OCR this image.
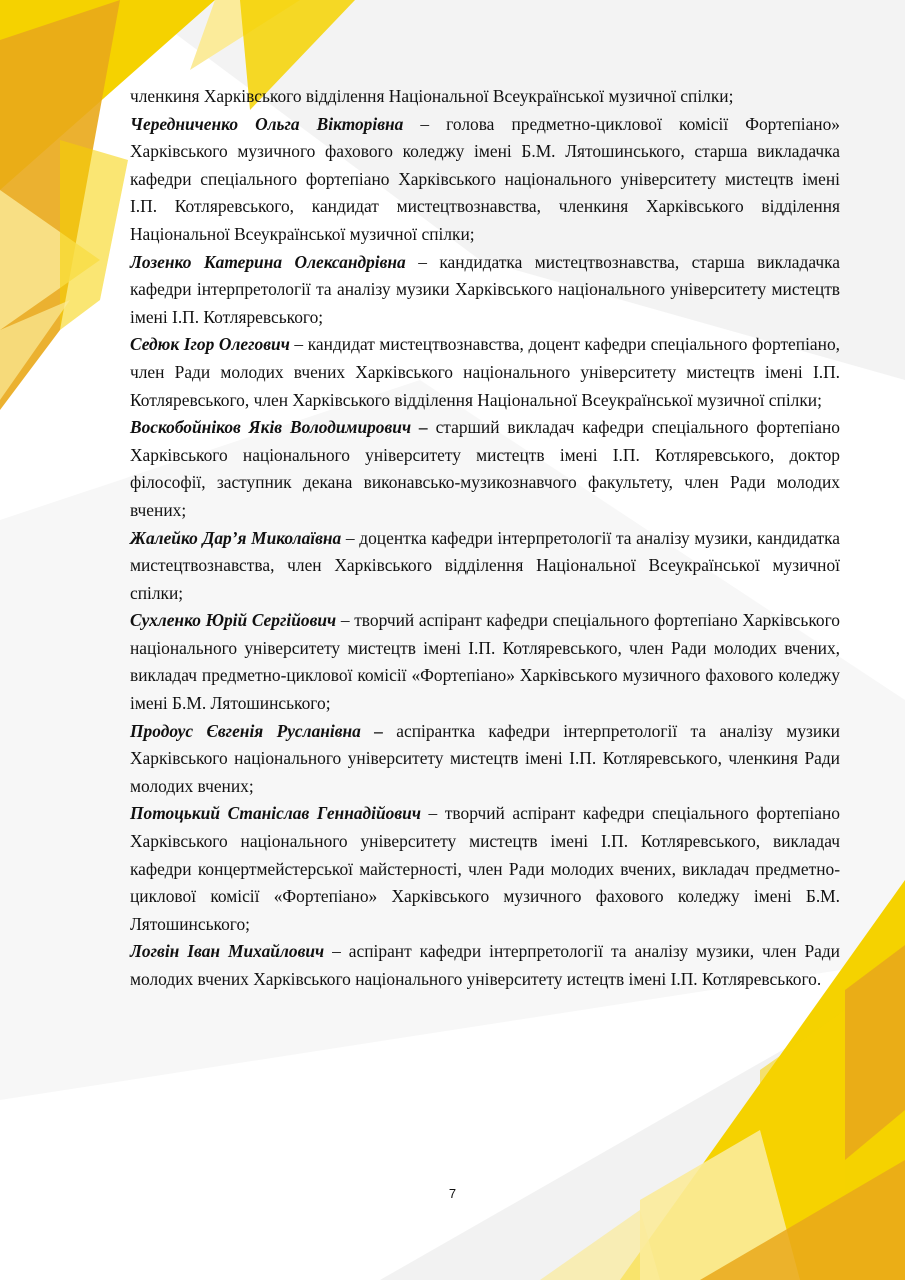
членкиня Харківського відділення Національної Всеукраїнської музичної спілки;

Чередниченко Ольга Вікторівна – голова предметно-циклової комісії Фортепіано» Харківського музичного фахового коледжу імені Б.М. Лятошинського, старша викладачка кафедри спеціального фортепіано Харківського національного університету мистецтв імені І.П. Котляревського, кандидат мистецтвознавства, членкиня Харківського відділення Національної Всеукраїнської музичної спілки;

Лозенко Катерина Олександрівна – кандидатка мистецтвознавства, старша викладачка кафедри інтерпретології та аналізу музики Харківського національного університету мистецтв імені І.П. Котляревського;

Седюк Ігор Олегович – кандидат мистецтвознавства, доцент кафедри спеціального фортепіано, член Ради молодих вчених Харківського національного університету мистецтв імені І.П. Котляревського, член Харківського відділення Національної Всеукраїнської музичної спілки;

Воскобойніков Яків Володимирович – старший викладач кафедри спеціального фортепіано Харківського національного університету мистецтв імені І.П. Котляревського, доктор філософії, заступник декана виконавсько-музикознавчого факультету, член Ради молодих вчених;

Жалейко Дар’я Миколаївна – доцентка кафедри інтерпретології та аналізу музики, кандидатка мистецтвознавства, член Харківського відділення Національної Всеукраїнської музичної спілки;

Сухленко Юрій Сергійович – творчий аспірант кафедри спеціального фортепіано Харківського національного університету мистецтв імені І.П. Котляревського, член Ради молодих вчених, викладач предметно-циклової комісії «Фортепіано» Харківського музичного фахового коледжу імені Б.М. Лятошинського;

Продоус Євгенія Русланівна – аспірантка кафедри інтерпретології та аналізу музики Харківського національного університету мистецтв імені І.П. Котляревського, членкиня Ради молодих вчених;

Потоцький Станіслав Геннадійович – творчий аспірант кафедри спеціального фортепіано Харківського національного університету мистецтв імені І.П. Котляревського, викладач кафедри концертмейстерської майстерності, член Ради молодих вчених, викладач предметно-циклової комісії «Фортепіано» Харківського музичного фахового коледжу імені Б.М. Лятошинського;

Логвін Іван Михайлович – аспірант кафедри інтерпретології та аналізу музики, член Ради молодих вчених Харківського національного університету истецтв імені І.П. Котляревського.

7
